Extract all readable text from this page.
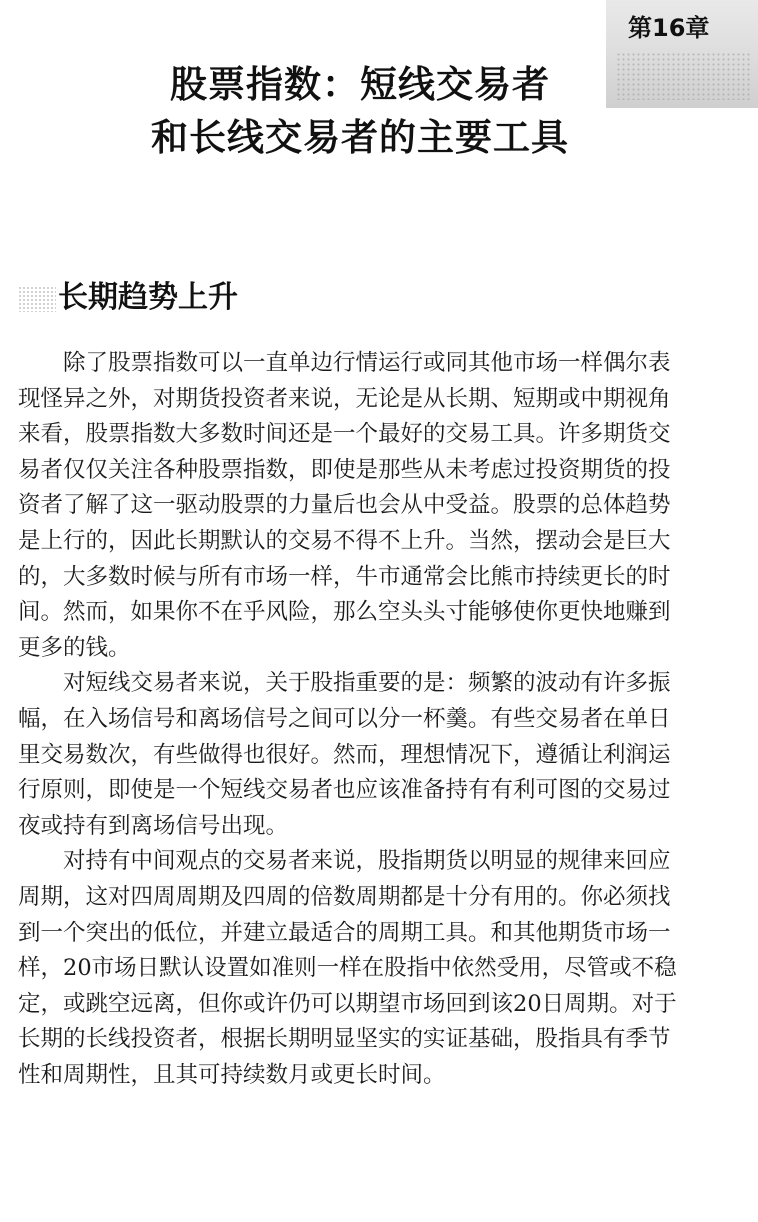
第16章
股票指数：短线交易者
和长线交易者的主要工具
长期趋势上升
除了股票指数可以一直单边行情运行或同其他市场一样偶尔表
现怪异之外，对期货投资者来说，无论是从长期、短期或中期视角
来看，股票指数大多数时间还是一个最好的交易工具。许多期货交
易者仅仅关注各种股票指数，即使是那些从未考虑过投资期货的投
资者了解了这一驱动股票的力量后也会从中受益。股票的总体趋势
是上行的，因此长期默认的交易不得不上升。当然，摆动会是巨大
的，大多数时候与所有市场一样，牛市通常会比熊市持续更长的时
间。然而，如果你不在乎风险，那么空头头寸能够使你更快地赚到
更多的钱。
对短线交易者来说，关于股指重要的是：频繁的波动有许多振
幅，在入场信号和离场信号之间可以分一杯羹。有些交易者在单日
里交易数次，有些做得也很好。然而，理想情况下，遵循让利润运
行原则，即使是一个短线交易者也应该准备持有有利可图的交易过
夜或持有到离场信号出现。
对持有中间观点的交易者来说，股指期货以明显的规律来回应
周期，这对四周周期及四周的倍数周期都是十分有用的。你必须找
到一个突出的低位，并建立最适合的周期工具。和其他期货市场一
样，20市场日默认设置如准则一样在股指中依然受用，尽管或不稳
定，或跳空远离，但你或许仍可以期望市场回到该20日周期。对于
长期的长线投资者，根据长期明显坚实的实证基础，股指具有季节
性和周期性，且其可持续数月或更长时间。
